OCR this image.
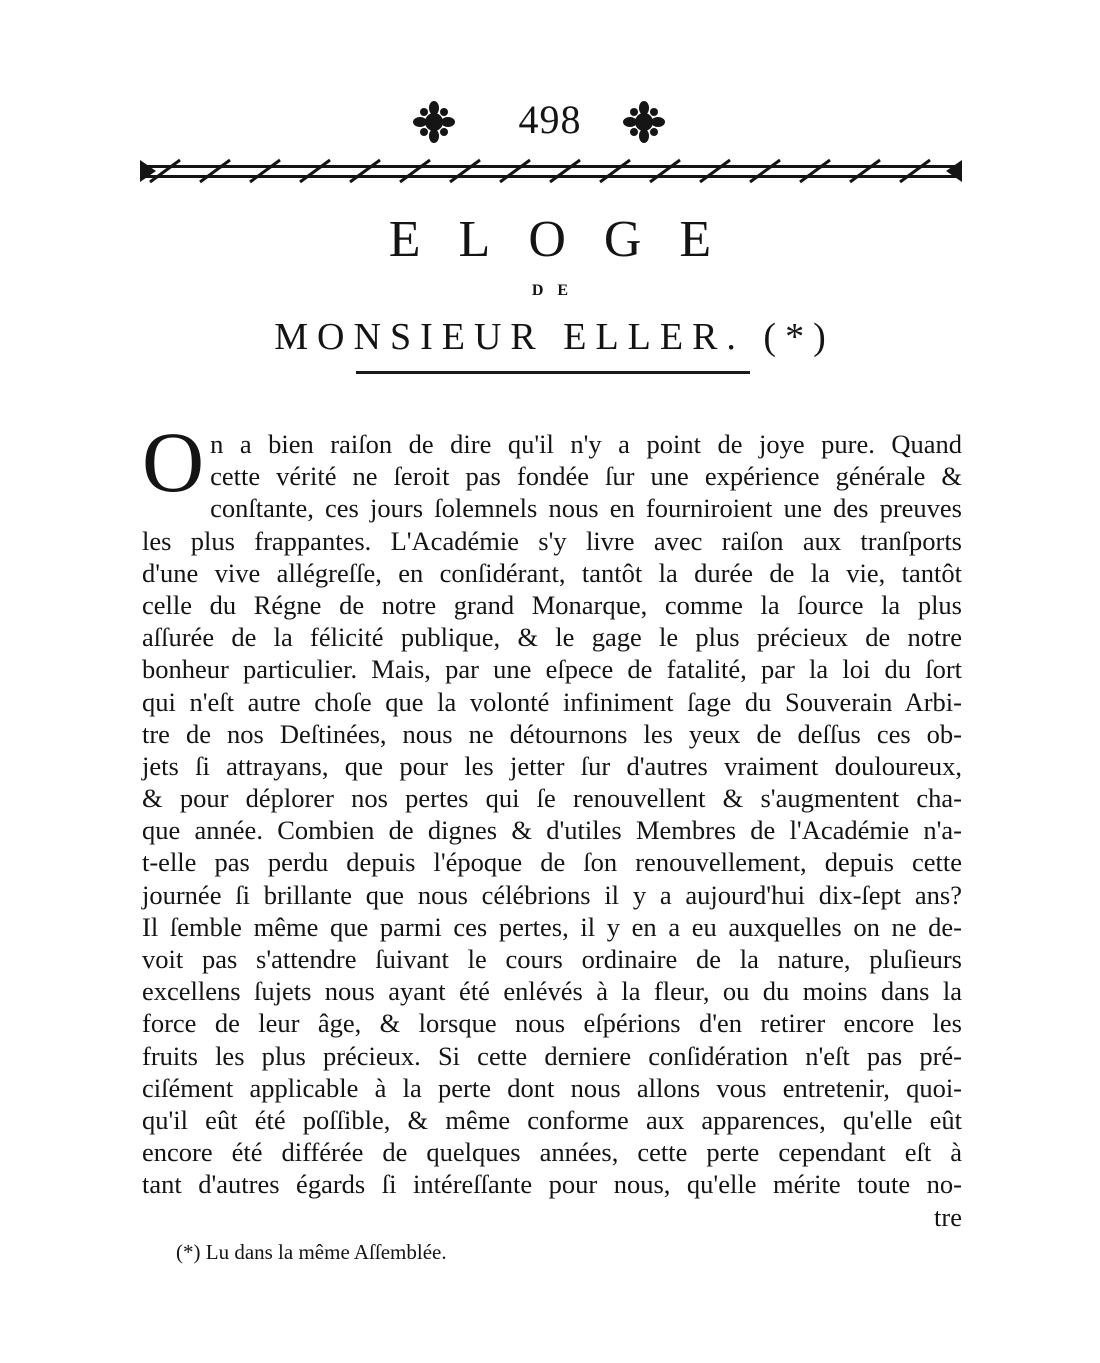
498
ELOGE
DE
MONSIEUR ELLER. (*)
O n a bien raiſon de dire qu'il n'y a point de joye pure. Quand
cette vérité ne ſeroit pas fondée ſur une expérience générale &
conſtante, ces jours ſolemnels nous en fourniroient une des preuves
les plus frappantes. L'Académie s'y livre avec raiſon aux tranſports
d'une vive allégreſſe, en conſidérant, tantôt la durée de la vie, tantôt
celle du Régne de notre grand Monarque, comme la ſource la plus
aſſurée de la félicité publique, & le gage le plus précieux de notre
bonheur particulier. Mais, par une eſpece de fatalité, par la loi du ſort
qui n'eſt autre choſe que la volonté infiniment ſage du Souverain Arbi-
tre de nos Deſtinées, nous ne détournons les yeux de deſſus ces ob-
jets ſi attrayans, que pour les jetter ſur d'autres vraiment douloureux,
& pour déplorer nos pertes qui ſe renouvellent & s'augmentent cha-
que année. Combien de dignes & d'utiles Membres de l'Académie n'a-
t-elle pas perdu depuis l'époque de ſon renouvellement, depuis cette
journée ſi brillante que nous célébrions il y a aujourd'hui dix-ſept ans?
Il ſemble même que parmi ces pertes, il y en a eu auxquelles on ne de-
voit pas s'attendre ſuivant le cours ordinaire de la nature, pluſieurs
excellens ſujets nous ayant été enlévés à la fleur, ou du moins dans la
force de leur âge, & lorsque nous eſpérions d'en retirer encore les
fruits les plus précieux. Si cette derniere conſidération n'eſt pas pré-
ciſément applicable à la perte dont nous allons vous entretenir, quoi-
qu'il eût été poſſible, & même conforme aux apparences, qu'elle eût
encore été différée de quelques années, cette perte cependant eſt à
tant d'autres égards ſi intéreſſante pour nous, qu'elle mérite toute no-
tre
(*) Lu dans la même Aſſemblée.
